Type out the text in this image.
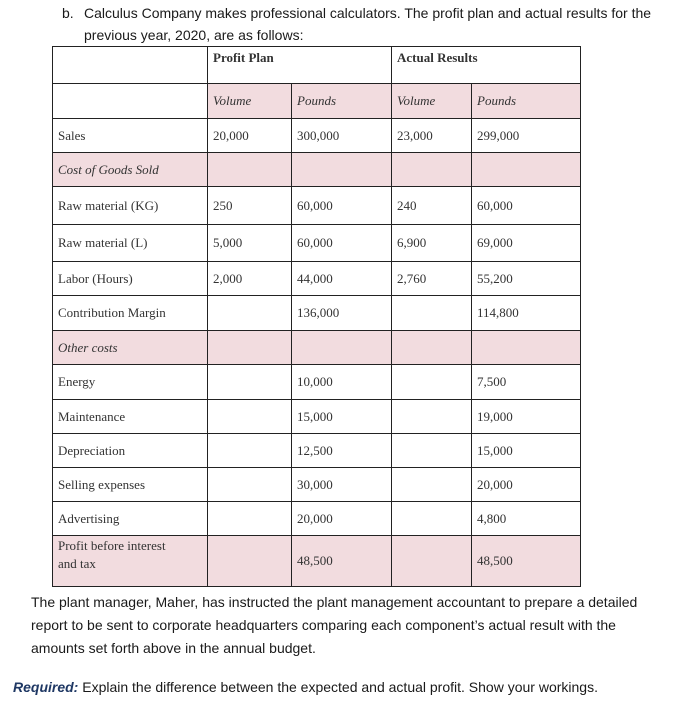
b. Calculus Company makes professional calculators. The profit plan and actual results for the previous year, 2020, are as follows:
	Profit Plan		Actual Results	
	Volume	Pounds	Volume	Pounds
Sales	20,000	300,000	23,000	299,000
Cost of Goods Sold				
Raw material (KG)	250	60,000	240	60,000
Raw material (L)	5,000	60,000	6,900	69,000
Labor (Hours)	2,000	44,000	2,760	55,200
Contribution Margin		136,000		114,800
Other costs				
Energy		10,000		7,500
Maintenance		15,000		19,000
Depreciation		12,500		15,000
Selling expenses		30,000		20,000
Advertising		20,000		4,800
Profit before interest
and tax		48,500		48,500
The plant manager, Maher, has instructed the plant management accountant to prepare a detailed report to be sent to corporate headquarters comparing each component’s actual result with the amounts set forth above in the annual budget.
Required: Explain the difference between the expected and actual profit. Show your workings.
